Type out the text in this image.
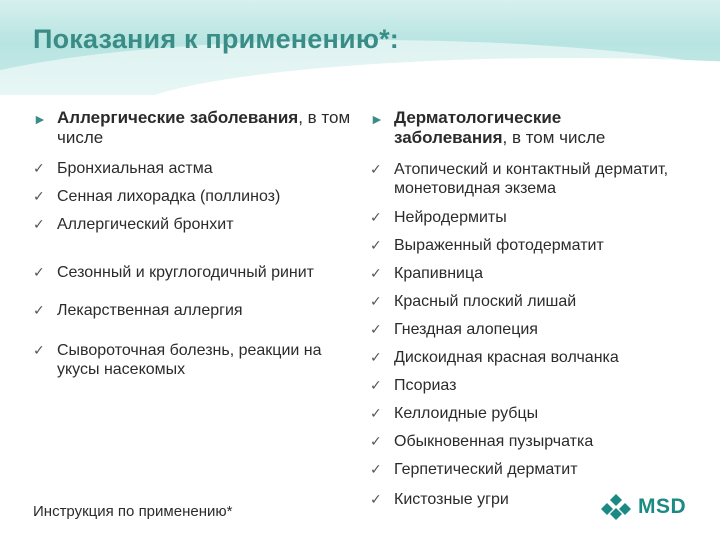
Показания к применению*:
► Аллергические заболевания, в том числе
✓ Бронхиальная астма
✓ Сенная лихорадка (поллиноз)
✓ Аллергический бронхит
✓ Сезонный и круглогодичный ринит
✓ Лекарственная аллергия
✓ Сывороточная болезнь, реакции на укусы насекомых
► Дерматологические заболевания, в том числе
✓ Атопический и контактный дерматит, монетовидная экзема
✓ Нейродермиты
✓ Выраженный фотодерматит
✓ Крапивница
✓ Красный плоский лишай
✓ Гнездная алопеция
✓ Дискоидная красная волчанка
✓ Псориаз
✓ Келлоидные рубцы
✓ Обыкновенная пузырчатка
✓ Герпетический дерматит
✓ Кистозные угри
Инструкция по применению*	MSD
